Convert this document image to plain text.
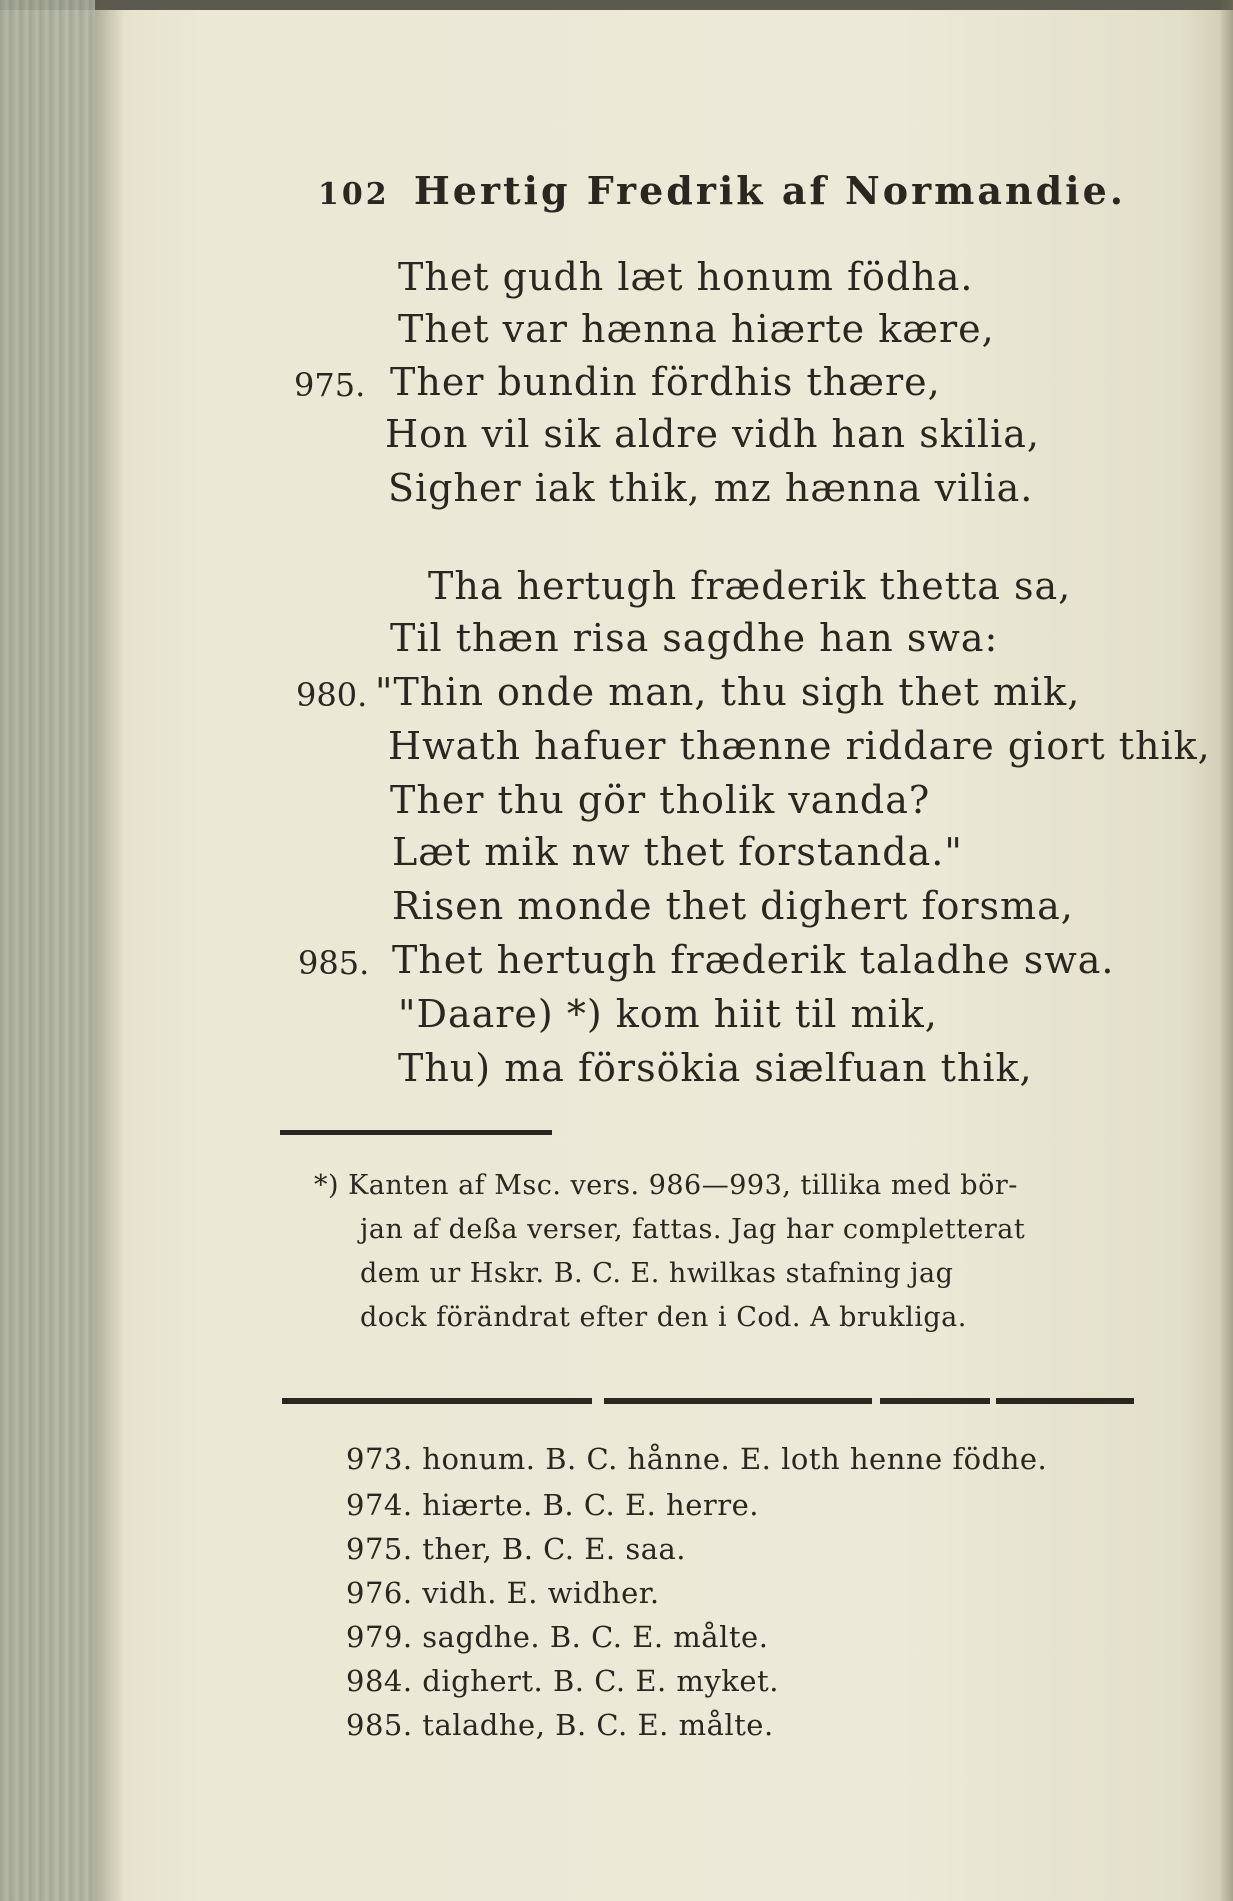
102 Hertig Fredrik af Normandie.
Thet gudh læt honum födha.
Thet var hænna hiærte kære,
975. Ther bundin fördhis thære,
Hon vil sik aldre vidh han skilia,
Sigher iak thik, mz hænna vilia.
Tha hertugh fræderik thetta sa,
Til thæn risa sagdhe han swa:
980. "Thin onde man, thu sigh thet mik,
Hwath hafuer thænne riddare giort thik,
Ther thu gör tholik vanda?
Læt mik nw thet forstanda."
Risen monde thet dighert forsma,
985. Thet hertugh fræderik taladhe swa.
"Daare) *) kom hiit til mik,
Thu) ma försökia siælfuan thik,
*) Kanten af Msc. vers. 986—993, tillika med bör-
jan af deßa verser, fattas. Jag har completterat
dem ur Hskr. B. C. E. hwilkas stafning jag
dock förändrat efter den i Cod. A brukliga.
973. honum. B. C. hånne. E. loth henne födhe.
974. hiærte. B. C. E. herre.
975. ther, B. C. E. saa.
976. vidh. E. widher.
979. sagdhe. B. C. E. målte.
984. dighert. B. C. E. myket.
985. taladhe, B. C. E. målte.
